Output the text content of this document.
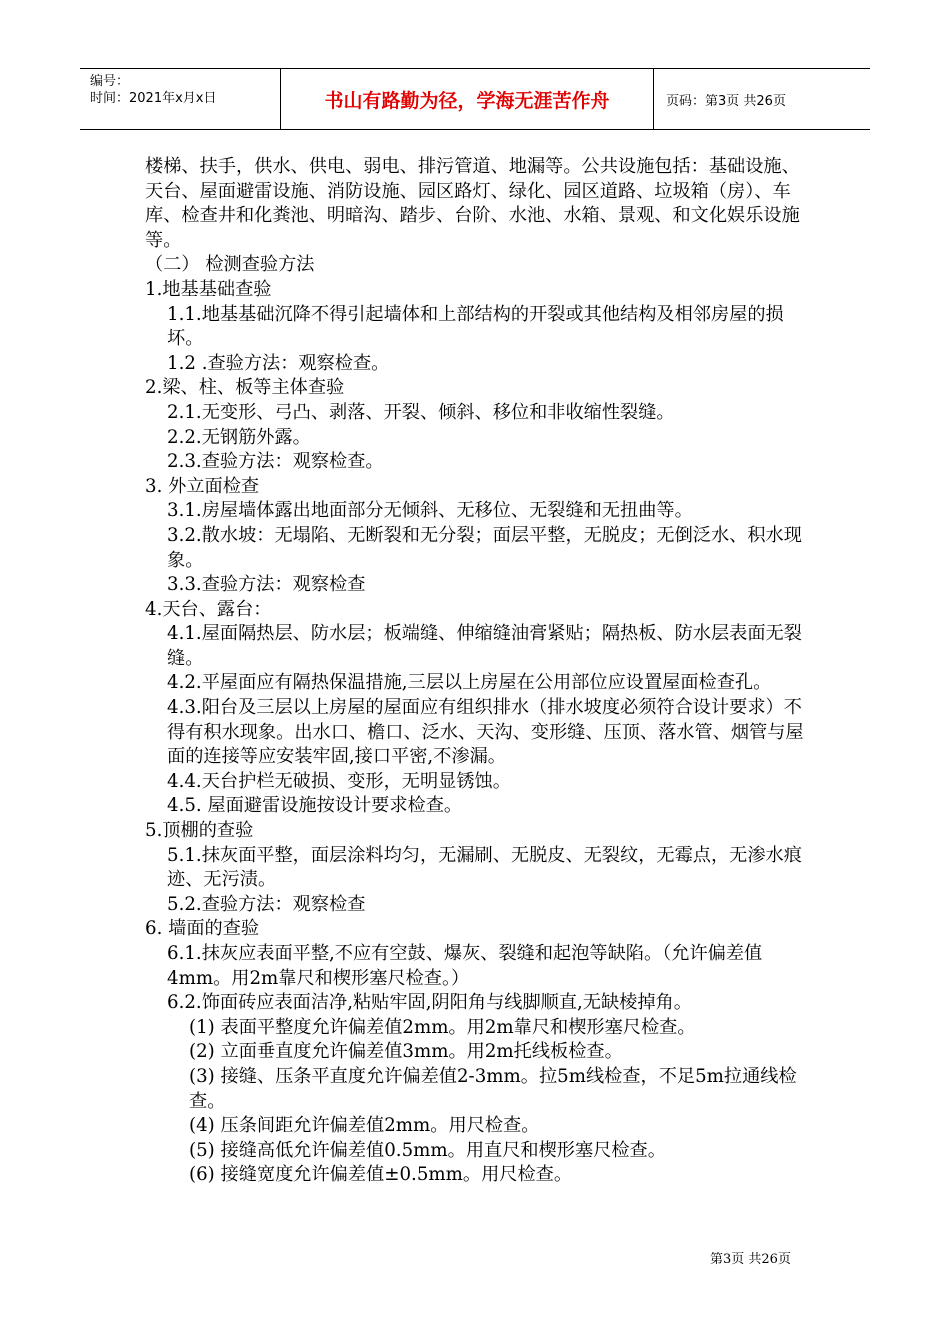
编号：
时间：2021年x月x日	书山有路勤为径，学海无涯苦作舟	页码：第3页 共26页

楼梯、扶手，供水、供电、弱电、排污管道、地漏等。公共设施包括：基础设施、天台、屋面避雷设施、消防设施、园区路灯、绿化、园区道路、垃圾箱（房）、车库、检查井和化粪池、明暗沟、踏步、台阶、水池、水箱、景观、和文化娱乐设施等。

（二） 检测查验方法

1.地基基础查验

1.1.地基基础沉降不得引起墙体和上部结构的开裂或其他结构及相邻房屋的损坏。

1.2 .查验方法：观察检查。

2.梁、柱、板等主体查验

2.1.无变形、弓凸、剥落、开裂、倾斜、移位和非收缩性裂缝。

2.2.无钢筋外露。

2.3.查验方法：观察检查。

3. 外立面检查

3.1.房屋墙体露出地面部分无倾斜、无移位、无裂缝和无扭曲等。

3.2.散水坡：无塌陷、无断裂和无分裂；面层平整，无脱皮；无倒泛水、积水现象。

3.3.查验方法：观察检查

4.天台、露台：

4.1.屋面隔热层、防水层；板端缝、伸缩缝油膏紧贴；隔热板、防水层表面无裂缝。

4.2.平屋面应有隔热保温措施,三层以上房屋在公用部位应设置屋面检查孔。

4.3.阳台及三层以上房屋的屋面应有组织排水（排水坡度必须符合设计要求）不得有积水现象。出水口、檐口、泛水、天沟、变形缝、压顶、落水管、烟管与屋面的连接等应安装牢固,接口平密,不渗漏。

4.4.天台护栏无破损、变形，无明显锈蚀。

4.5. 屋面避雷设施按设计要求检查。

5.顶棚的查验

5.1.抹灰面平整，面层涂料均匀，无漏刷、无脱皮、无裂纹，无霉点，无渗水痕迹、无污渍。

5.2.查验方法：观察检查

6. 墙面的查验

6.1.抹灰应表面平整,不应有空鼓、爆灰、裂缝和起泡等缺陷。（允许偏差值4mm。用2m靠尺和楔形塞尺检查。）

6.2.饰面砖应表面洁净,粘贴牢固,阴阳角与线脚顺直,无缺棱掉角。

(1) 表面平整度允许偏差值2mm。用2m靠尺和楔形塞尺检查。

(2) 立面垂直度允许偏差值3mm。用2m托线板检查。

(3) 接缝、压条平直度允许偏差值2-3mm。拉5m线检查，不足5m拉通线检查。

(4) 压条间距允许偏差值2mm。用尺检查。

(5) 接缝高低允许偏差值0.5mm。用直尺和楔形塞尺检查。

(6) 接缝宽度允许偏差值±0.5mm。用尺检查。

第3页 共26页
